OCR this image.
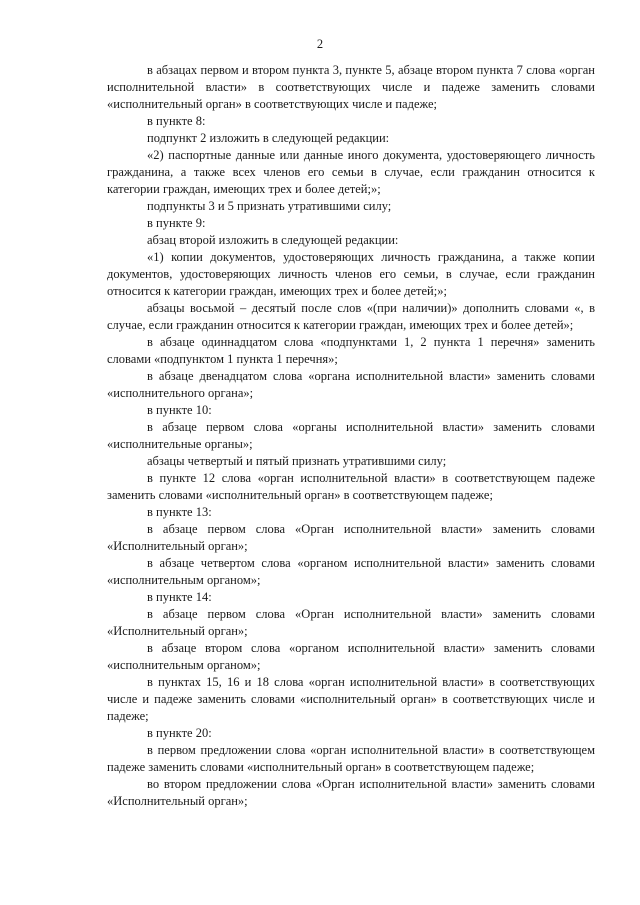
2

в абзацах первом и втором пункта 3, пункте 5, абзаце втором пункта 7 слова «орган исполнительной власти» в соответствующих числе и падеже заменить словами «исполнительный орган» в соответствующих числе и падеже;

в пункте 8:

подпункт 2 изложить в следующей редакции:

«2) паспортные данные или данные иного документа, удостоверяющего личность гражданина, а также всех членов его семьи в случае, если гражданин относится к категории граждан, имеющих трех и более детей;»;

подпункты 3 и 5 признать утратившими силу;

в пункте 9:

абзац второй изложить в следующей редакции:

«1) копии документов, удостоверяющих личность гражданина, а также копии документов, удостоверяющих личность членов его семьи, в случае, если гражданин относится к категории граждан, имеющих трех и более детей;»;

абзацы восьмой – десятый после слов «(при наличии)» дополнить словами «, в случае, если гражданин относится к категории граждан, имеющих трех и более детей»;

в абзаце одиннадцатом слова «подпунктами 1, 2 пункта 1 перечня» заменить словами «подпунктом 1 пункта 1 перечня»;

в абзаце двенадцатом слова «органа исполнительной власти» заменить словами «исполнительного органа»;

в пункте 10:

в абзаце первом слова «органы исполнительной власти» заменить словами «исполнительные органы»;

абзацы четвертый и пятый признать утратившими силу;

в пункте 12 слова «орган исполнительной власти» в соответствующем падеже заменить словами «исполнительный орган» в соответствующем падеже;

в пункте 13:

в абзаце первом слова «Орган исполнительной власти» заменить словами «Исполнительный орган»;

в абзаце четвертом слова «органом исполнительной власти» заменить словами «исполнительным органом»;

в пункте 14:

в абзаце первом слова «Орган исполнительной власти» заменить словами «Исполнительный орган»;

в абзаце втором слова «органом исполнительной власти» заменить словами «исполнительным органом»;

в пунктах 15, 16 и 18 слова «орган исполнительной власти» в соответствующих числе и падеже заменить словами «исполнительный орган» в соответствующих числе и падеже;

в пункте 20:

в первом предложении слова «орган исполнительной власти» в соответствующем падеже заменить словами «исполнительный орган» в соответствующем падеже;

во втором предложении слова «Орган исполнительной власти» заменить словами «Исполнительный орган»;
